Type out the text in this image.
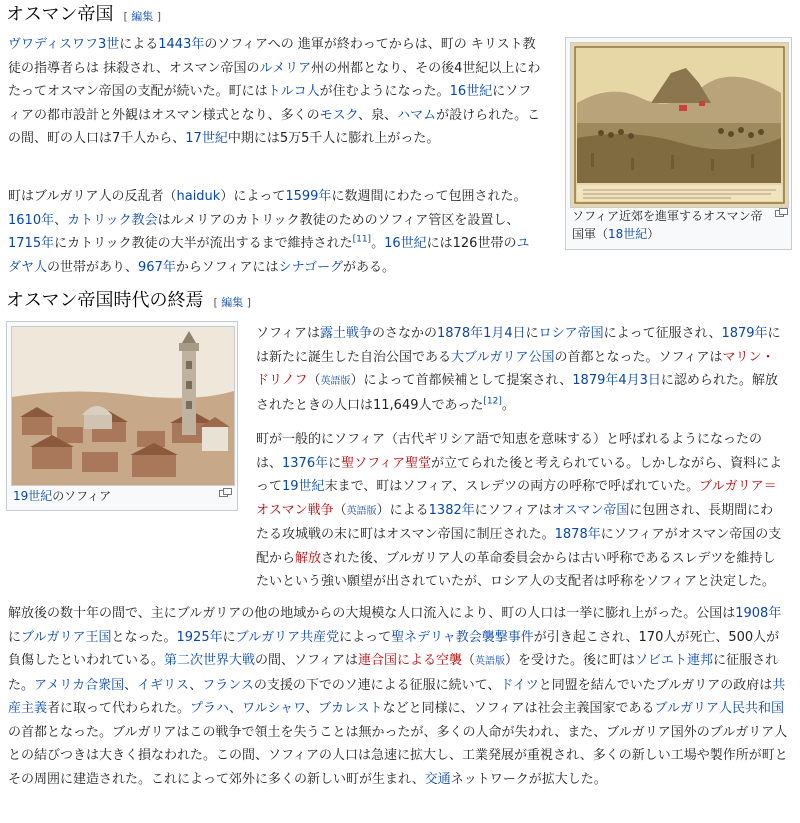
オスマン帝国 [ 編集 ]

ヴワディスワフ3世による1443年のソフィアへの 進軍が終わってからは、町の キリスト教徒の指導者らは 抹殺され、オスマン帝国のルメリア州の州都となり、その後4世紀以上にわたってオスマン帝国の支配が続いた。町にはトルコ人が住むようになった。16世紀にソフィアの都市設計と外観はオスマン様式となり、多くのモスク、泉、ハマムが設けられた。この間、町の人口は7千人から、17世紀中期には5万5千人に膨れ上がった。

町はブルガリア人の反乱者（haiduk）によって1599年に数週間にわたって包囲された。1610年、カトリック教会はルメリアのカトリック教徒のためのソフィア管区を設置し、1715年にカトリック教徒の大半が流出するまで維持された[11]。16世紀には126世帯のユダヤ人の世帯があり、967年からソフィアにはシナゴーグがある。

ソフィア近郊を進軍するオスマン帝国軍（18世紀）
オスマン帝国時代の終焉 [ 編集 ]
19世紀のソフィア

ソフィアは露土戦争のさなかの1878年1月4日にロシア帝国によって征服され、1879年には新たに誕生した自治公国である大ブルガリア公国の首都となった。ソフィアはマリン・ドリノフ（英語版）によって首都候補として提案され、1879年4月3日に認められた。解放されたときの人口は11,649人であった[12]。

町が一般的にソフィア（古代ギリシア語で知恵を意味する）と呼ばれるようになったのは、1376年に聖ソフィア聖堂が立てられた後と考えられている。しかしながら、資料によって19世紀末まで、町はソフィア、スレデツの両方の呼称で呼ばれていた。ブルガリア＝オスマン戦争（英語版）による1382年にソフィアはオスマン帝国に包囲され、長期間にわたる攻城戦の末に町はオスマン帝国に制圧された。1878年にソフィアがオスマン帝国の支配から解放された後、ブルガリア人の革命委員会からは古い呼称であるスレデツを維持したいという強い願望が出されていたが、ロシア人の支配者は呼称をソフィアと決定した。

解放後の数十年の間で、主にブルガリアの他の地域からの大規模な人口流入により、町の人口は一挙に膨れ上がった。公国は1908年にブルガリア王国となった。1925年にブルガリア共産党によって聖ネデリャ教会襲撃事件が引き起こされ、170人が死亡、500人が負傷したといわれている。第二次世界大戦の間、ソフィアは連合国による空襲（英語版）を受けた。後に町はソビエト連邦に征服された。アメリカ合衆国、イギリス、フランスの支援の下でのソ連による征服に続いて、ドイツと同盟を結んでいたブルガリアの政府は共産主義者に取って代わられた。プラハ、ワルシャワ、ブカレストなどと同様に、ソフィアは社会主義国家であるブルガリア人民共和国の首都となった。ブルガリアはこの戦争で領土を失うことは無かったが、多くの人命が失われ、また、ブルガリア国外のブルガリア人との結びつきは大きく損なわれた。この間、ソフィアの人口は急速に拡大し、工業発展が重視され、多くの新しい工場や製作所が町とその周囲に建造された。これによって郊外に多くの新しい町が生まれ、交通ネットワークが拡大した。
